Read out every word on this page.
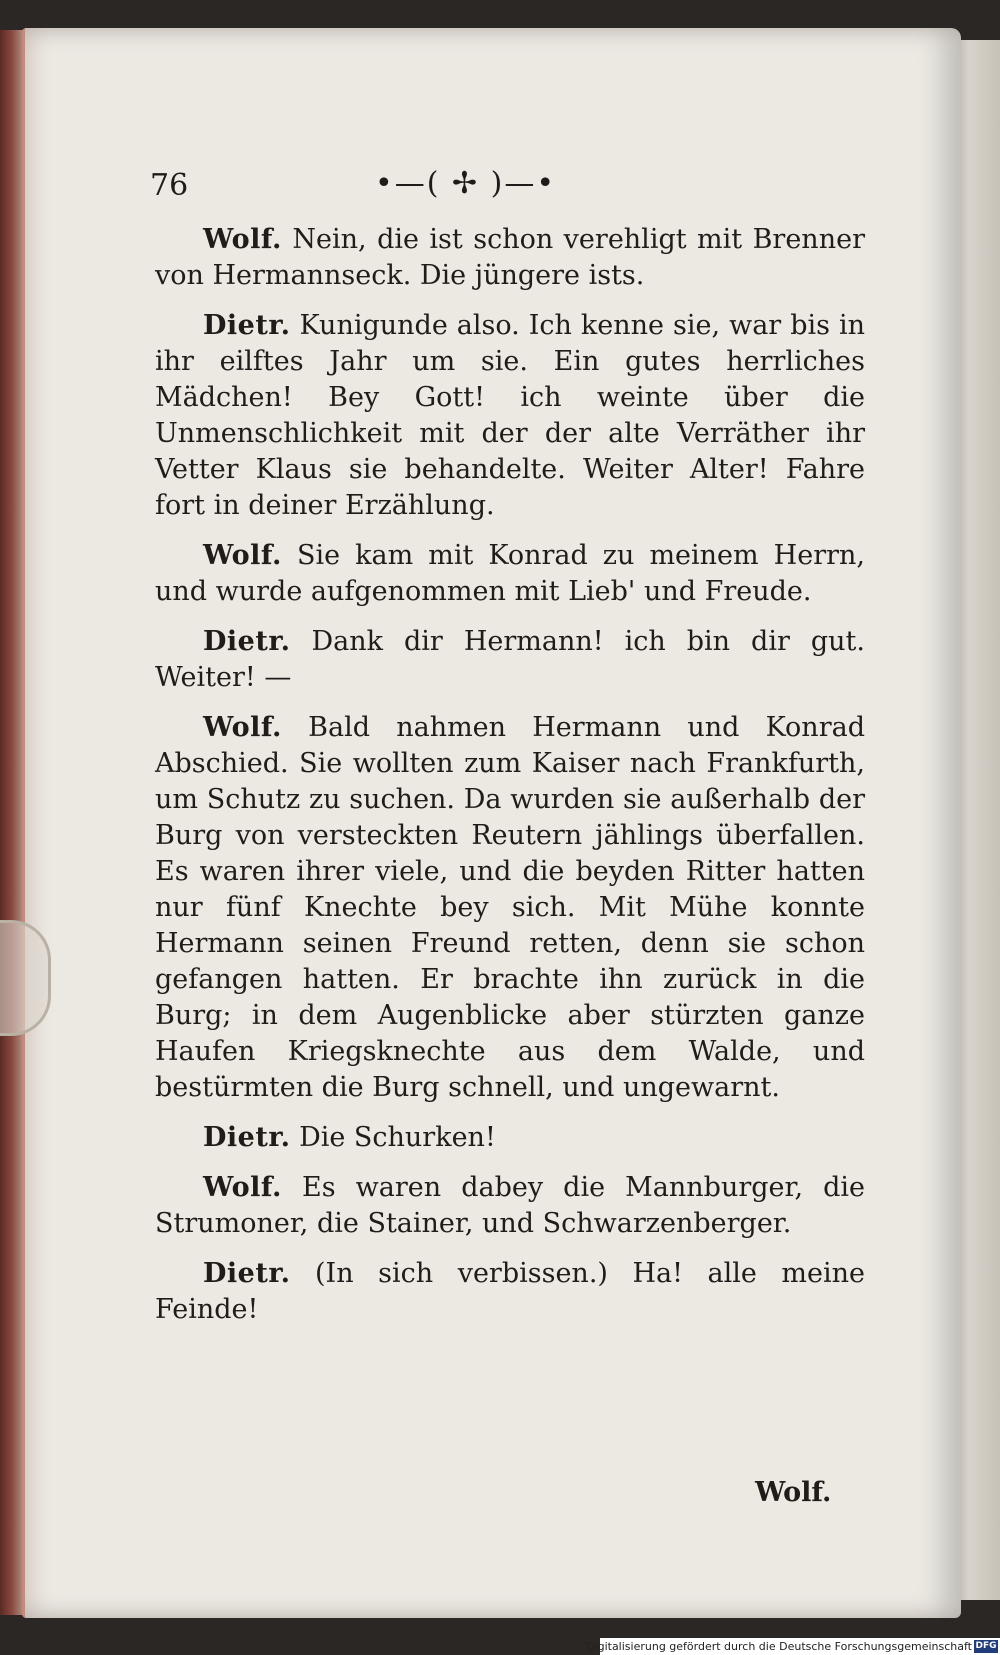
76	•—( ✢ )—•

Wolf. Nein, die ist schon verehligt mit Brenner von Hermannseck. Die jüngere ists.

Dietr. Kunigunde also. Ich kenne sie, war bis in ihr eilftes Jahr um sie. Ein gutes herrliches Mädchen! Bey Gott! ich weinte über die Unmenschlichkeit mit der der alte Verräther ihr Vetter Klaus sie behandelte. Weiter Alter! Fahre fort in deiner Erzählung.

Wolf. Sie kam mit Konrad zu meinem Herrn, und wurde aufgenommen mit Lieb' und Freude.

Dietr. Dank dir Hermann! ich bin dir gut. Weiter! —

Wolf. Bald nahmen Hermann und Konrad Abschied. Sie wollten zum Kaiser nach Frankfurth, um Schutz zu suchen. Da wurden sie außerhalb der Burg von versteckten Reutern jählings überfallen. Es waren ihrer viele, und die beyden Ritter hatten nur fünf Knechte bey sich. Mit Mühe konnte Hermann seinen Freund retten, denn sie schon gefangen hatten. Er brachte ihn zurück in die Burg; in dem Augenblicke aber stürzten ganze Haufen Kriegsknechte aus dem Walde, und bestürmten die Burg schnell, und ungewarnt.

Dietr. Die Schurken!

Wolf. Es waren dabey die Mannburger, die Strumoner, die Stainer, und Schwarzenberger.

Dietr. (In sich verbissen.) Ha! alle meine Feinde!

Wolf.
Digitalisierung gefördert durch die Deutsche Forschungsgemeinschaft DFG
